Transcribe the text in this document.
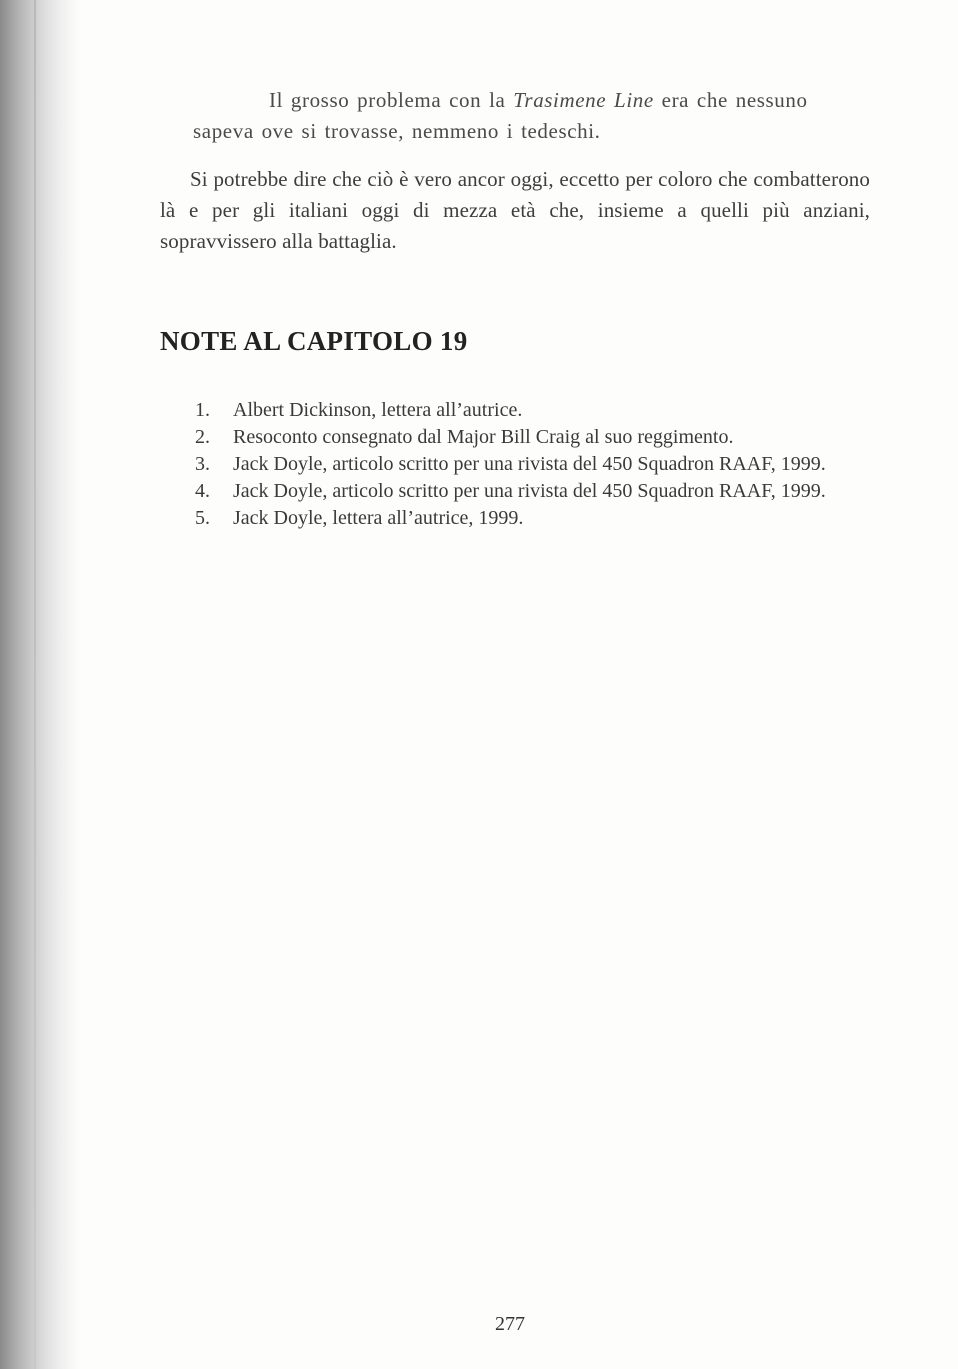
Il grosso problema con la Trasimene Line era che nessuno sapeva ove si trovasse, nemmeno i tedeschi.

Si potrebbe dire che ciò è vero ancor oggi, eccetto per coloro che combatterono là e per gli italiani oggi di mezza età che, insieme a quelli più anziani, sopravvissero alla battaglia.

NOTE AL CAPITOLO 19
1.	Albert Dickinson, lettera all’autrice.
2.	Resoconto consegnato dal Major Bill Craig al suo reggimento.
3.	Jack Doyle, articolo scritto per una rivista del 450 Squadron RAAF, 1999.
4.	Jack Doyle, articolo scritto per una rivista del 450 Squadron RAAF, 1999.
5.	Jack Doyle, lettera all’autrice, 1999.
277
